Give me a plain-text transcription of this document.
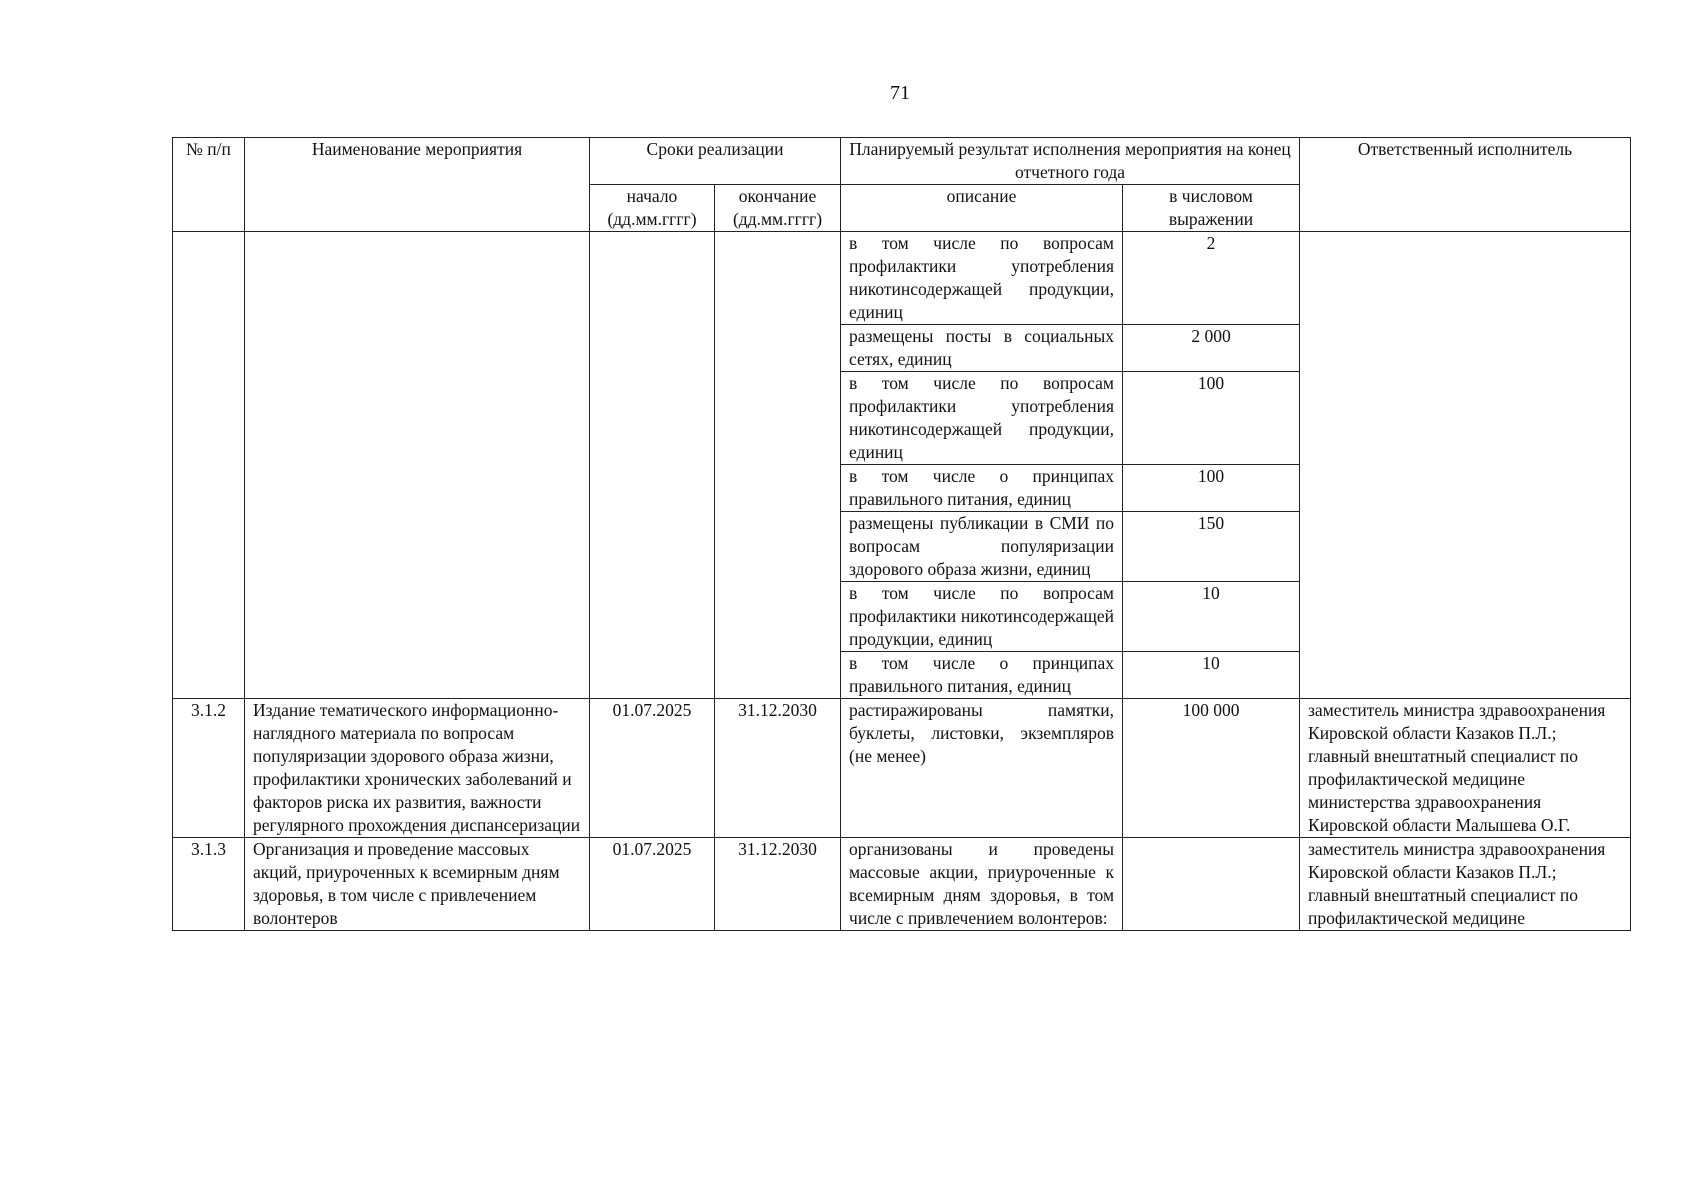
71
№ п/п	Наименование мероприятия	Сроки реализации		Планируемый результат исполнения мероприятия на конец отчетного года		Ответственный исполнитель
		начало (дд.мм.гггг)	окончание (дд.мм.гггг)	описание	в числовом выражении	
				в том числе по вопросам профилактики употребления никотинсодержащей продукции, единиц	2	
				размещены посты в социальных сетях, единиц	2 000	
				в том числе по вопросам профилактики употребления никотинсодержащей продукции, единиц	100	
				в том числе о принципах правильного питания, единиц	100	
				размещены публикации в СМИ по вопросам популяризации здорового образа жизни, единиц	150	
				в том числе по вопросам профилактики никотинсодержащей продукции, единиц	10	
				в том числе о принципах правильного питания, единиц	10	
3.1.2	Издание тематического информационно-наглядного материала по вопросам популяризации здорового образа жизни, профилактики хронических заболеваний и факторов риска их развития, важности регулярного прохождения диспансеризации	01.07.2025	31.12.2030	растиражированы памятки, буклеты, листовки, экземпляров (не менее)	100 000	заместитель министра здравоохранения Кировской области Казаков П.Л.; главный внештатный специалист по профилактической медицине министерства здравоохранения Кировской области Малышева О.Г.
3.1.3	Организация и проведение массовых акций, приуроченных к всемирным дням здоровья, в том числе с привлечением волонтеров	01.07.2025	31.12.2030	организованы и проведены массовые акции, приуроченные к всемирным дням здоровья, в том числе с привлечением волонтеров:		заместитель министра здравоохранения Кировской области Казаков П.Л.; главный внештатный специалист по профилактической медицине
